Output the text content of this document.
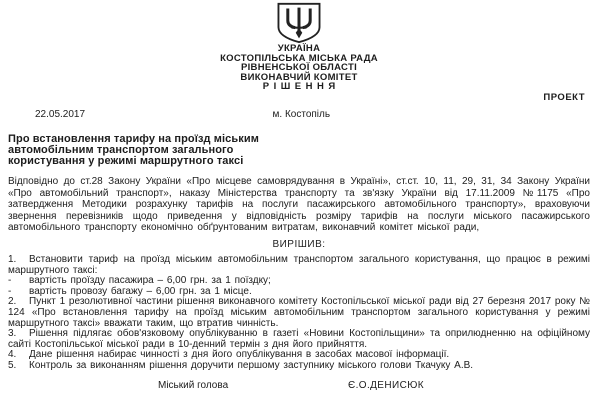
УКРАЇНА
КОСТОПІЛЬСЬКА МІСЬКА РАДА
РІВНЕНСЬКОЇ ОБЛАСТІ
ВИКОНАВЧИЙ КОМІТЕТ
РІШЕННЯ
ПРОЕКТ
22.05.2017	м. Костопіль
Про встановлення тарифу на проїзд міським автомобільним транспортом загального користування у режимі маршрутного таксі

Відповідно до ст.28 Закону України «Про місцеве самоврядування в Україні», ст.ст. 10, 11, 29, 31, 34 Закону України «Про автомобільний транспорт», наказу Міністерства транспорту та зв'язку України від 17.11.2009 №1175 «Про затвердження Методики розрахунку тарифів на послуги пасажирського автомобільного транспорту», враховуючи звернення перевізників щодо приведення у відповідність розміру тарифів на послуги міського пасажирського автомобільного транспорту економічно обґрунтованим витратам, виконавчий комітет міської ради,

ВИРІШИВ:
1. Встановити тариф на проїзд міським автомобільним транспортом загального користування, що працює в режимі маршрутного таксі:
- вартість проїзду пасажира – 6,00 грн. за 1 поїздку;
- вартість провозу багажу – 6,00 грн. за 1 місце.
2. Пункт 1 резолютивної частини рішення виконавчого комітету Костопільської міської ради від 27 березня 2017 року № 124 «Про встановлення тарифу на проїзд міським автомобільним транспортом загального користування у режимі маршрутного таксі» вважати таким, що втратив чинність.
3. Рішення підлягає обов'язковому опублікуванню в газеті «Новини Костопільщини» та оприлюдненню на офіційному сайті Костопільської міської ради в 10-денний термін з дня його прийняття.
4. Дане рішення набирає чинності з дня його опублікування в засобах масової інформації.
5. Контроль за виконанням рішення доручити першому заступнику міського голови Ткачуку А.В.
Міський голова	Є.О.ДЕНИСЮК
